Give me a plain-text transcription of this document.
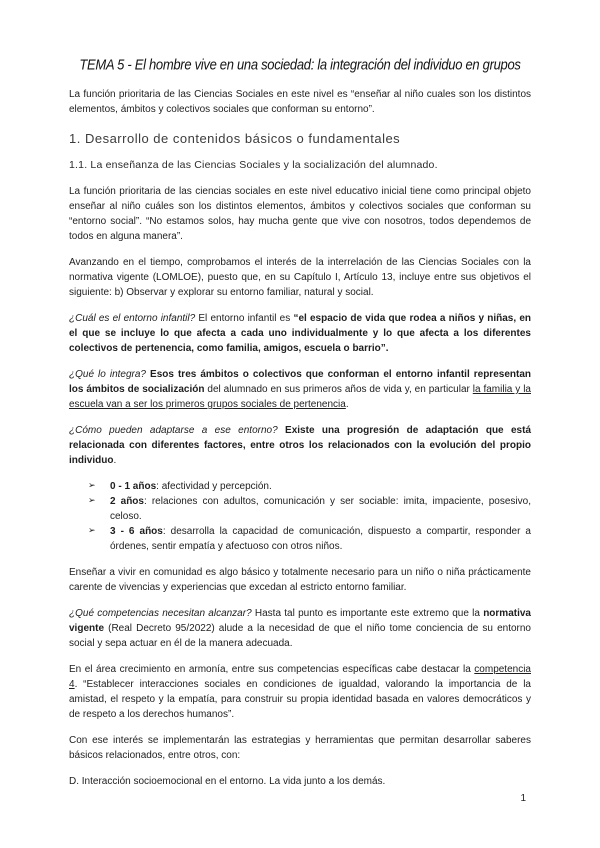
TEMA 5 - El hombre vive en una sociedad: la integración del individuo en grupos
La función prioritaria de las Ciencias Sociales en este nivel es “enseñar al niño cuales son los distintos elementos, ámbitos y colectivos sociales que conforman su entorno”.
1. Desarrollo de contenidos básicos o fundamentales
1.1. La enseñanza de las Ciencias Sociales y la socialización del alumnado.
La función prioritaria de las ciencias sociales en este nivel educativo inicial tiene como principal objeto enseñar al niño cuáles son los distintos elementos, ámbitos y colectivos sociales que conforman su “entorno social”. “No estamos solos, hay mucha gente que vive con nosotros, todos dependemos de todos en alguna manera”.
Avanzando en el tiempo, comprobamos el interés de la interrelación de las Ciencias Sociales con la normativa vigente (LOMLOE), puesto que, en su Capítulo I, Artículo 13, incluye entre sus objetivos el siguiente: b) Observar y explorar su entorno familiar, natural y social.
¿Cuál es el entorno infantil? El entorno infantil es “el espacio de vida que rodea a niños y niñas, en el que se incluye lo que afecta a cada uno individualmente y lo que afecta a los diferentes colectivos de pertenencia, como familia, amigos, escuela o barrio”.
¿Qué lo integra? Esos tres ámbitos o colectivos que conforman el entorno infantil representan los ámbitos de socialización del alumnado en sus primeros años de vida y, en particular la familia y la escuela van a ser los primeros grupos sociales de pertenencia.
¿Cómo pueden adaptarse a ese entorno? Existe una progresión de adaptación que está relacionada con diferentes factores, entre otros los relacionados con la evolución del propio individuo.
➢ 0 - 1 años: afectividad y percepción.
➢ 2 años: relaciones con adultos, comunicación y ser sociable: imita, impaciente, posesivo, celoso.
➢ 3 - 6 años: desarrolla la capacidad de comunicación, dispuesto a compartir, responder a órdenes, sentir empatía y afectuoso con otros niños.
Enseñar a vivir en comunidad es algo básico y totalmente necesario para un niño o niña prácticamente carente de vivencias y experiencias que excedan al estricto entorno familiar.
¿Qué competencias necesitan alcanzar? Hasta tal punto es importante este extremo que la normativa vigente (Real Decreto 95/2022) alude a la necesidad de que el niño tome conciencia de su entorno social y sepa actuar en él de la manera adecuada.
En el área crecimiento en armonía, entre sus competencias específicas cabe destacar la competencia 4. “Establecer interacciones sociales en condiciones de igualdad, valorando la importancia de la amistad, el respeto y la empatía, para construir su propia identidad basada en valores democráticos y de respeto a los derechos humanos”.
Con ese interés se implementarán las estrategias y herramientas que permitan desarrollar saberes básicos relacionados, entre otros, con:
D. Interacción socioemocional en el entorno. La vida junto a los demás.
1
